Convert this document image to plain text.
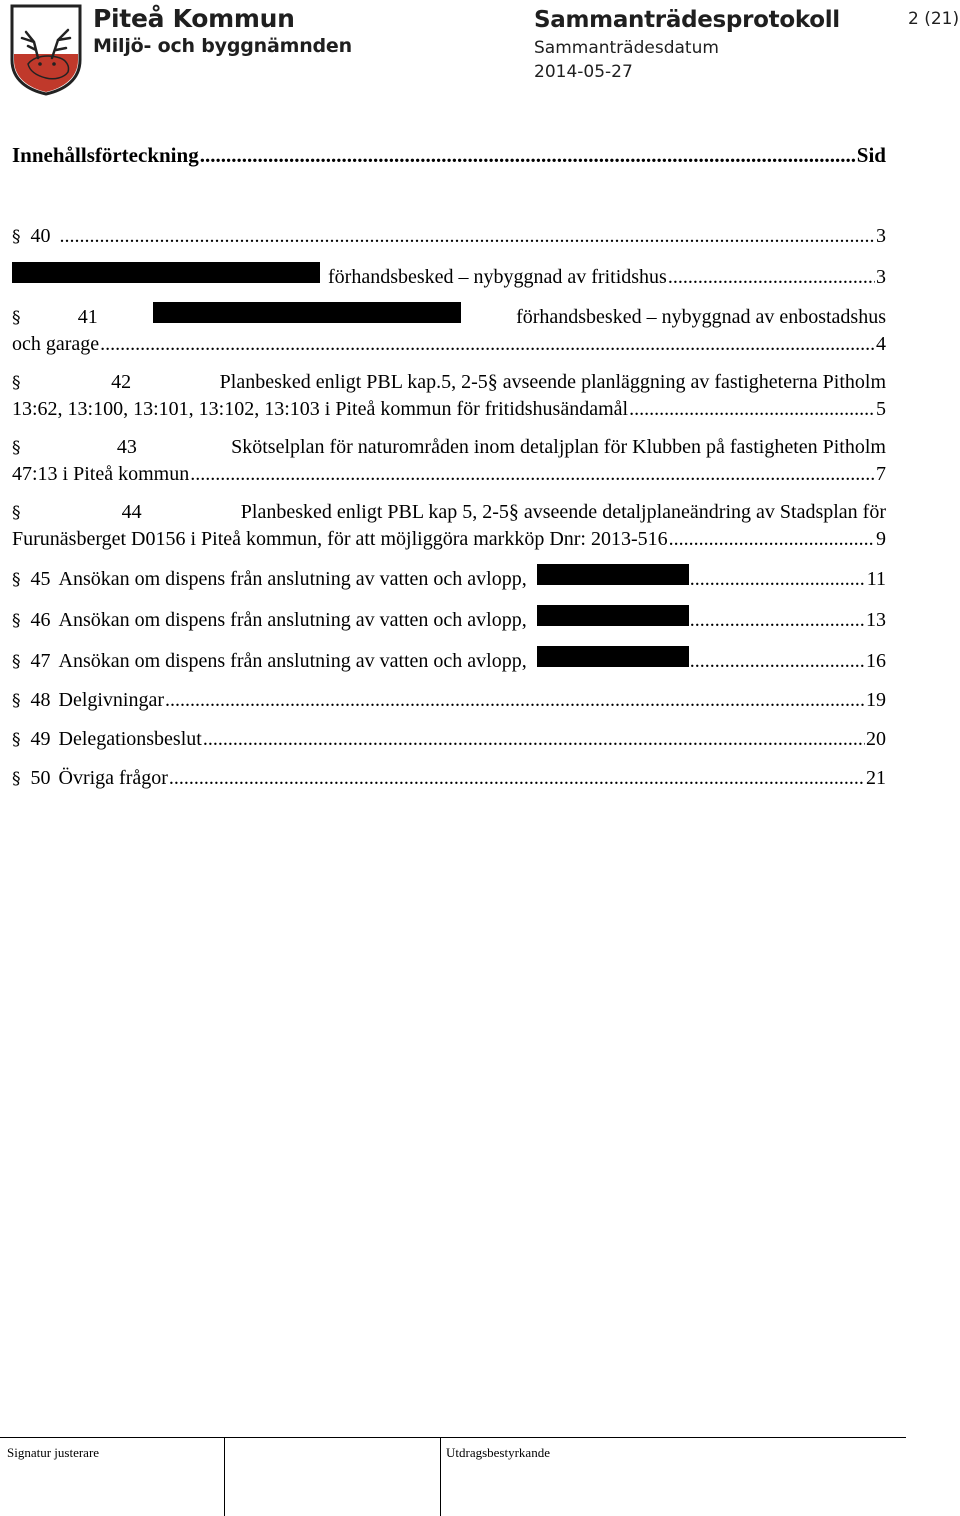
Piteå Kommun
Miljö- och byggnämnden
Sammanträdesprotokoll
Sammanträdesdatum
2014-05-27
2 (21)
Innehållsförteckning .....	Sid
§ 40 .....	3
förhandsbesked – nybyggnad av fritidshus .....	3
§	41	förhandsbesked – nybyggnad av enbostadshus
och garage .....	4
§	42	Planbesked enligt PBL kap.5, 2-5§ avseende planläggning av fastigheterna Pitholm
13:62, 13:100, 13:101, 13:102, 13:103 i Piteå kommun för fritidshusändamål .....	5
§	43	Skötselplan för naturområden inom detaljplan för Klubben på fastigheten Pitholm
47:13 i Piteå kommun .....	7
§	44	Planbesked enligt PBL kap 5, 2-5§ avseende detaljplaneändring av Stadsplan för
Furunäsberget D0156 i Piteå kommun, för att möjliggöra markköp Dnr: 2013-516 .....	9
§ 45 Ansökan om dispens från anslutning av vatten och avlopp, .....	11
§ 46 Ansökan om dispens från anslutning av vatten och avlopp, .....	13
§ 47 Ansökan om dispens från anslutning av vatten och avlopp, .....	16
§ 48 Delgivningar .....	19
§ 49 Delegationsbeslut .....	20
§ 50 Övriga frågor .....	21
Signatur justerare	Utdragsbestyrkande
